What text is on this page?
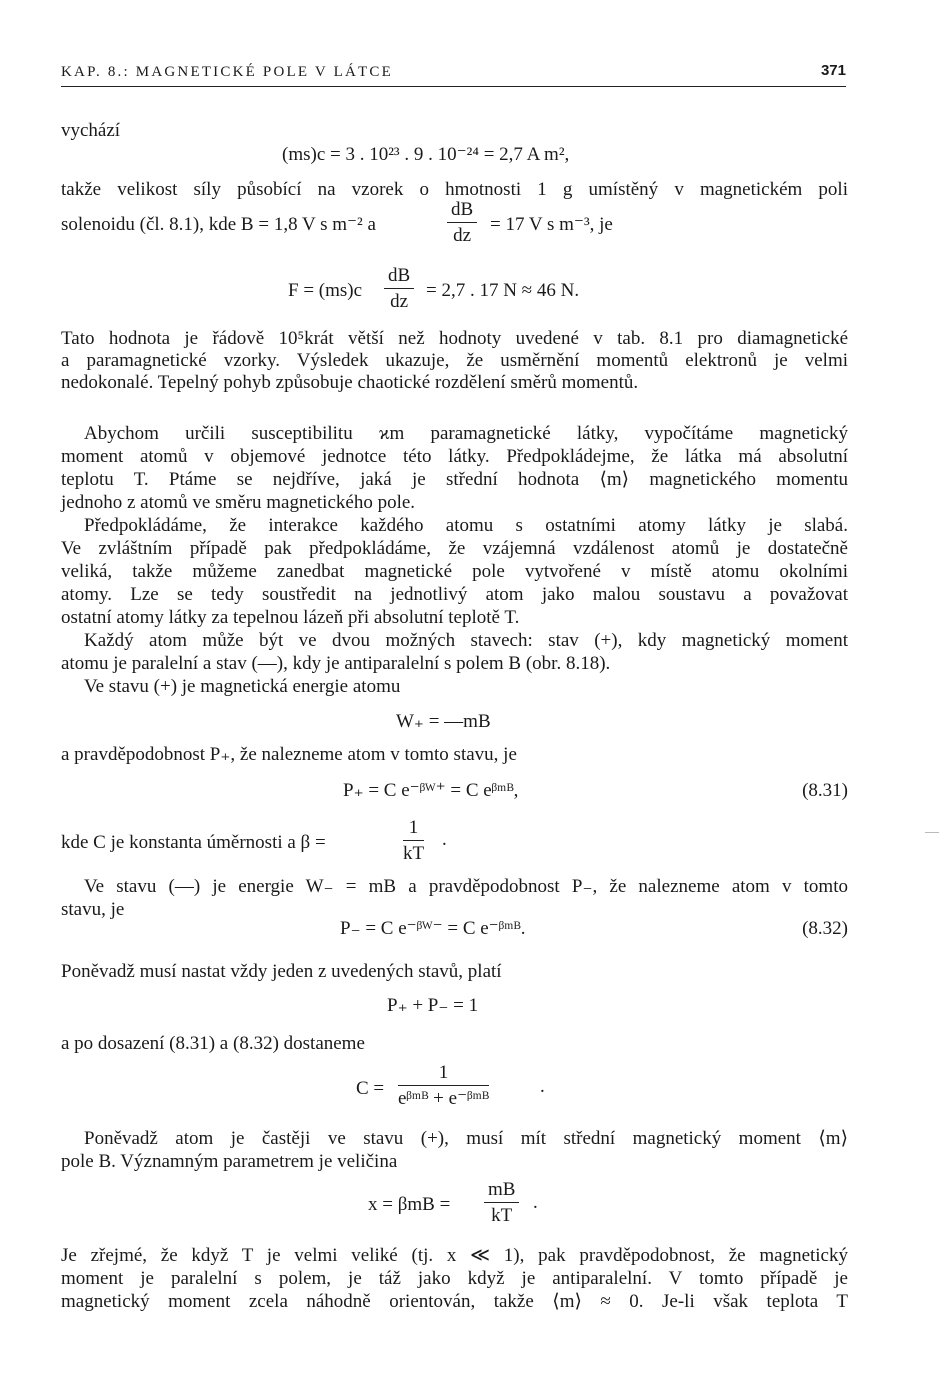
KAP. 8.: MAGNETICKÉ POLE V LÁTCE	371
vychází
(ms)c = 3 . 10²³ . 9 . 10⁻²⁴ = 2,7 A m²,
takže velikost síly působící na vzorek o hmotnosti 1 g umístěný v magnetickém poli
solenoidu (čl. 8.1), kde B = 1,8 V s m⁻² a	$\frac{dB}{dz} = 17$ V s m⁻³, je
$F = (ms)c \frac{dB}{dz} = 2,7$ . 17 N ≈ 46 N.
Tato hodnota je řádově 10⁵krát větší než hodnoty uvedené v tab. 8.1 pro diamagnetické
a paramagnetické vzorky. Výsledek ukazuje, že usměrnění momentů elektronů je velmi
nedokonalé. Tepelný pohyb způsobuje chaotické rozdělení směrů momentů.
Abychom určili susceptibilitu ϰm paramagnetické látky, vypočítáme magnetický
moment atomů v objemové jednotce této látky. Předpokládejme, že látka má absolutní
teplotu T. Ptáme se nejdříve, jaká je střední hodnota ⟨m⟩ magnetického momentu
jednoho z atomů ve směru magnetického pole.
Předpokládáme, že interakce každého atomu s ostatními atomy látky je slabá.
Ve zvláštním případě pak předpokládáme, že vzájemná vzdálenost atomů je dostatečně
veliká, takže můžeme zanedbat magnetické pole vytvořené v místě atomu okolními
atomy. Lze se tedy soustředit na jednotlivý atom jako malou soustavu a považovat
ostatní atomy látky za tepelnou lázeň při absolutní teplotě T.
Každý atom může být ve dvou možných stavech: stav (+), kdy magnetický moment
atomu je paralelní a stav (—), kdy je antiparalelní s polem B (obr. 8.18).
Ve stavu (+) je magnetická energie atomu
W₊ = —mB
a pravděpodobnost P₊, že nalezneme atom v tomto stavu, je
P₊ = C e⁻ᵝᵂ⁺ = C eᵝᵐᴮ,	(8.31)
kde C je konstanta úměrnosti a β =	$\frac{1}{kT}$ .
Ve stavu (—) je energie W₋ = mB a pravděpodobnost P₋, že nalezneme atom v tomto
stavu, je
P₋ = C e⁻ᵝᵂ⁻ = C e⁻ᵝᵐᴮ.	(8.32)
Poněvadž musí nastat vždy jeden z uvedených stavů, platí
P₊ + P₋ = 1
a po dosazení (8.31) a (8.32) dostaneme
C =
1
eᵝᵐᴮ + e⁻ᵝᵐᴮ
.
Poněvadž atom je častěji ve stavu (+), musí mít střední magnetický moment ⟨m⟩
pole B. Významným parametrem je veličina
$x = \beta mB = \frac{mB}{kT}$ .
Je zřejmé, že když T je velmi veliké (tj. x ≪ 1), pak pravděpodobnost, že magnetický
moment je paralelní s polem, je táž jako když je antiparalelní. V tomto případě je
magnetický moment zcela náhodně orientován, takže ⟨m⟩ ≈ 0. Je-li však teplota T
